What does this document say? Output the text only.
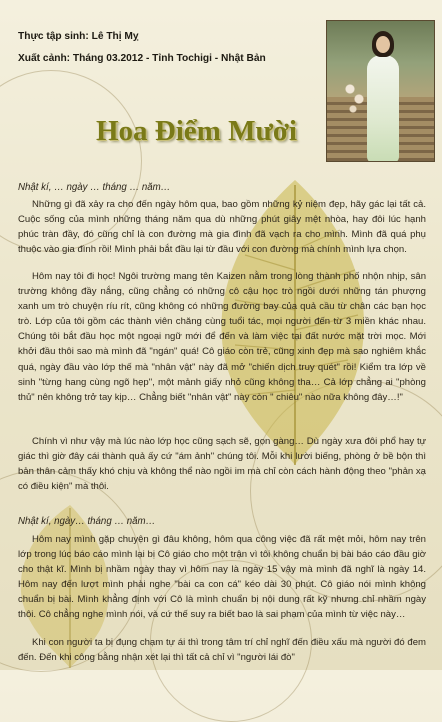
Thực tập sinh: Lê Thị Mỵ
Xuất cảnh: Tháng 03.2012 - Tỉnh Tochigi - Nhật Bản
Hoa Điểm Mười
Nhật kí, … ngày … tháng … năm…
Những gì đã xảy ra cho đến ngày hôm qua, bao gồm những kỷ niệm đẹp, hãy gác lại tất cả. Cuộc sống của mình những tháng năm qua dù những phút giây mệt nhòa, hay đôi lúc hạnh phúc tràn đầy, đó cũng chỉ là con đường mà gia đình đã vạch ra cho mình. Mình đã quá phụ thuộc vào gia đình rồi! Mình phải bắt đầu lại từ đầu với con đường mà chính mình lựa chọn.
Hôm nay tôi đi học! Ngôi trường mang tên Kaizen nằm trong lòng thành phố nhộn nhịp, sân trường không đầy nắng, cũng chẳng có những cô cậu học trò ngồi dưới những tán phượng xanh um trò chuyện ríu rít, cũng không có những đường bay của quả cầu từ chân các bạn học trò. Lớp của tôi gồm các thành viên chăng cùng tuổi tác, mọi người đến từ 3 miền khác nhau. Chúng tôi bắt đầu học một ngoại ngữ mới để đến và làm việc tại đất nước mặt trời mọc. Mới khởi đầu thôi sao mà mình đã "ngán" quá! Cô giáo còn trẻ, cũng xinh đẹp mà sao nghiêm khắc quá, ngày đầu vào lớp thế mà "nhân vật" này đã mở "chiến dịch truy quét" rồi! Kiểm tra lớp về sinh "từng hang cùng ngõ hẹp", một mảnh giấy nhỏ cũng không tha… Cả lớp chẳng ai "phòng thủ" nên không trở tay kịp… Chẳng biết "nhân vật" này còn " chiêu" nào nữa không đây…!"
Chính vì như vậy mà lúc nào lớp học cũng sạch sẽ, gọn gàng… Dù ngày xưa đôi phổ hay tự giác thì giờ đây cái thành quả ấy cứ "ám ảnh" chúng tôi. Mỗi khi lười biếng, phòng ở bề bộn thì bản thân cảm thấy khó chịu và không thể nào ngồi im mà chỉ còn cách hành động theo "phản xạ có điều kiện" mà thôi.
Nhật kí, ngày… tháng … năm…
Hôm nay mình gặp chuyện gì đâu không, hôm qua công việc đã rất mệt mỏi, hôm nay trên lớp trong lúc báo cáo mình lại bị Cô giáo cho một trận vì tôi không chuẩn bị bài báo cáo đầu giờ cho thật kĩ. Mình bị nhầm ngày thay vì hôm nay là ngày 15 vậy mà mình đã nghĩ là ngày 14. Hôm nay đến lượt mình phải nghe "bài ca con cá" kéo dài 30 phút. Cô giáo nói mình không chuẩn bị bài. Mình khẳng định với Cô là mình chuẩn bị nội dung rất kỹ nhưng chỉ nhầm ngày thôi. Cô chẳng nghe mình nói, và cứ thế suy ra biết bao là sai phạm của mình từ việc này…
Khi con người ta bị đụng chạm tự ái thì trong tâm trí chỉ nghĩ đến điều xấu mà người đó đem đến. Đến khi công bằng nhận xét lại thì tất cả chỉ vì "người lái đò"
